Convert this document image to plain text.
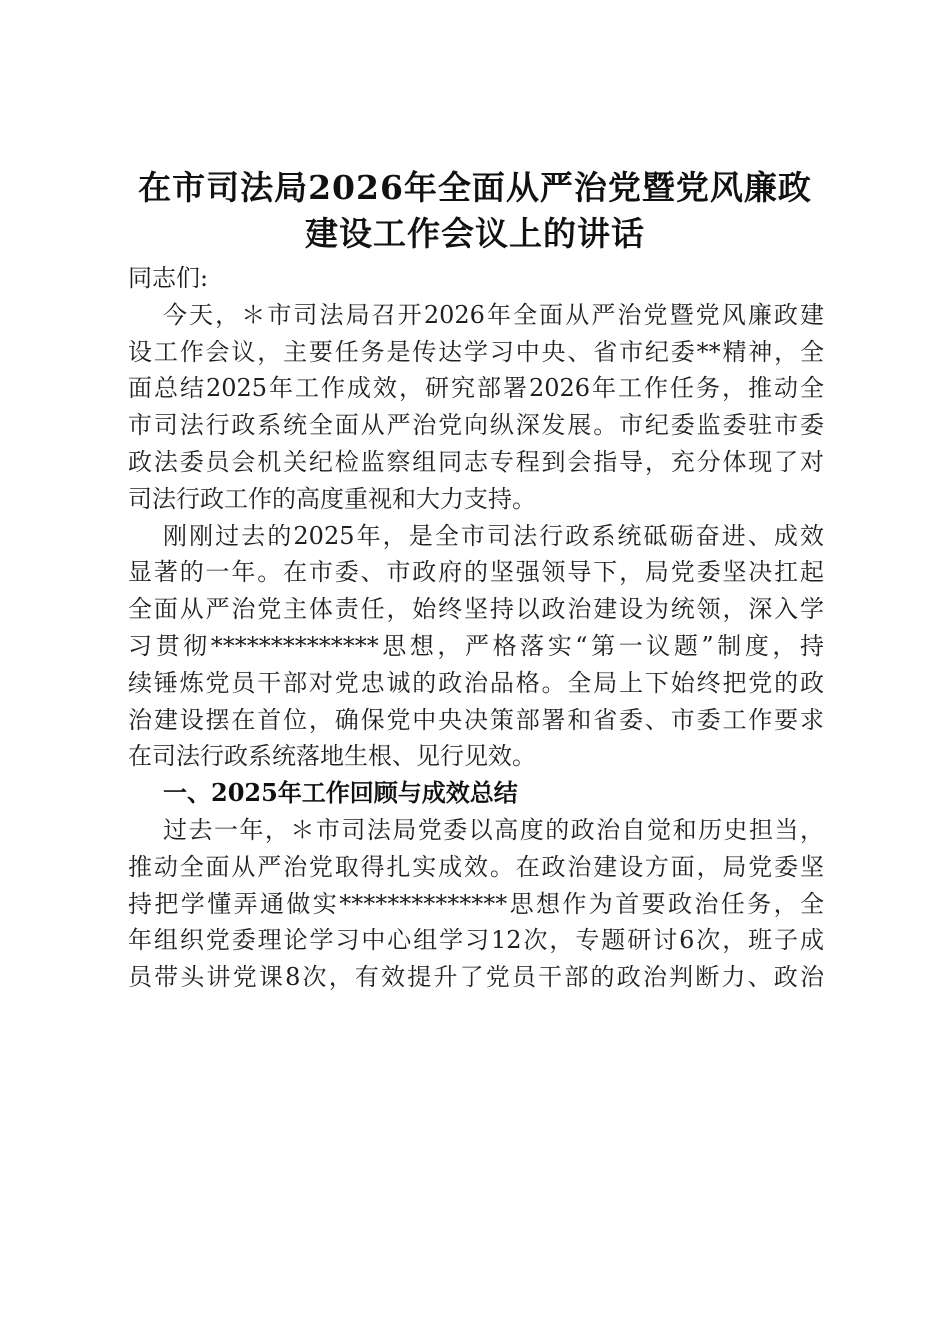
在市司法局2026年全面从严治党暨党风廉政
建设工作会议上的讲话
同志们:
今天，＊市司法局召开2026年全面从严治党暨党风廉政建
设工作会议，主要任务是传达学习中央、省市纪委**精神，全
面总结2025年工作成效，研究部署2026年工作任务，推动全
市司法行政系统全面从严治党向纵深发展。市纪委监委驻市委
政法委员会机关纪检监察组同志专程到会指导，充分体现了对
司法行政工作的高度重视和大力支持。
刚刚过去的2025年，是全市司法行政系统砥砺奋进、成效
显著的一年。在市委、市政府的坚强领导下，局党委坚决扛起
全面从严治党主体责任，始终坚持以政治建设为统领，深入学
习贯彻**************思想，严格落实“第一议题”制度，持
续锤炼党员干部对党忠诚的政治品格。全局上下始终把党的政
治建设摆在首位，确保党中央决策部署和省委、市委工作要求
在司法行政系统落地生根、见行见效。
一、2025年工作回顾与成效总结
过去一年，＊市司法局党委以高度的政治自觉和历史担当，
推动全面从严治党取得扎实成效。在政治建设方面，局党委坚
持把学懂弄通做实**************思想作为首要政治任务，全
年组织党委理论学习中心组学习12次，专题研讨6次，班子成
员带头讲党课8次，有效提升了党员干部的政治判断力、政治
